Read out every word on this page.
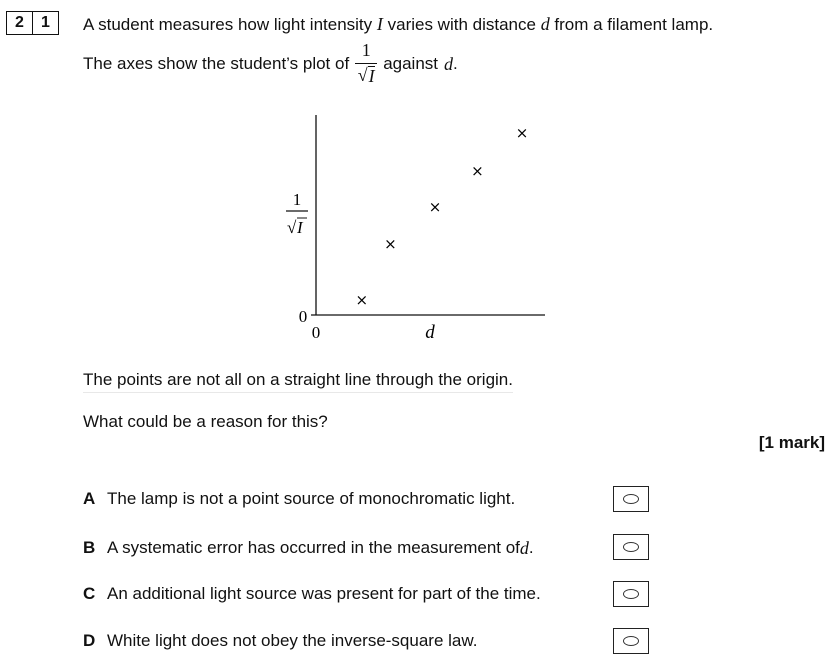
2	1	A student measures how light intensity I varies with distance d from a filament lamp.
The axes show the student’s plot of $\frac{1}{√ I}$ against d .
0
0	d
1
√ I
×
×
×
×
×
The points are not all on a straight line through the origin.
What could be a reason for this?
[1 mark]
A The lamp is not a point source of monochromatic light.
B A systematic error has occurred in the measurement of d .
C An additional light source was present for part of the time.
D White light does not obey the inverse-square law.
